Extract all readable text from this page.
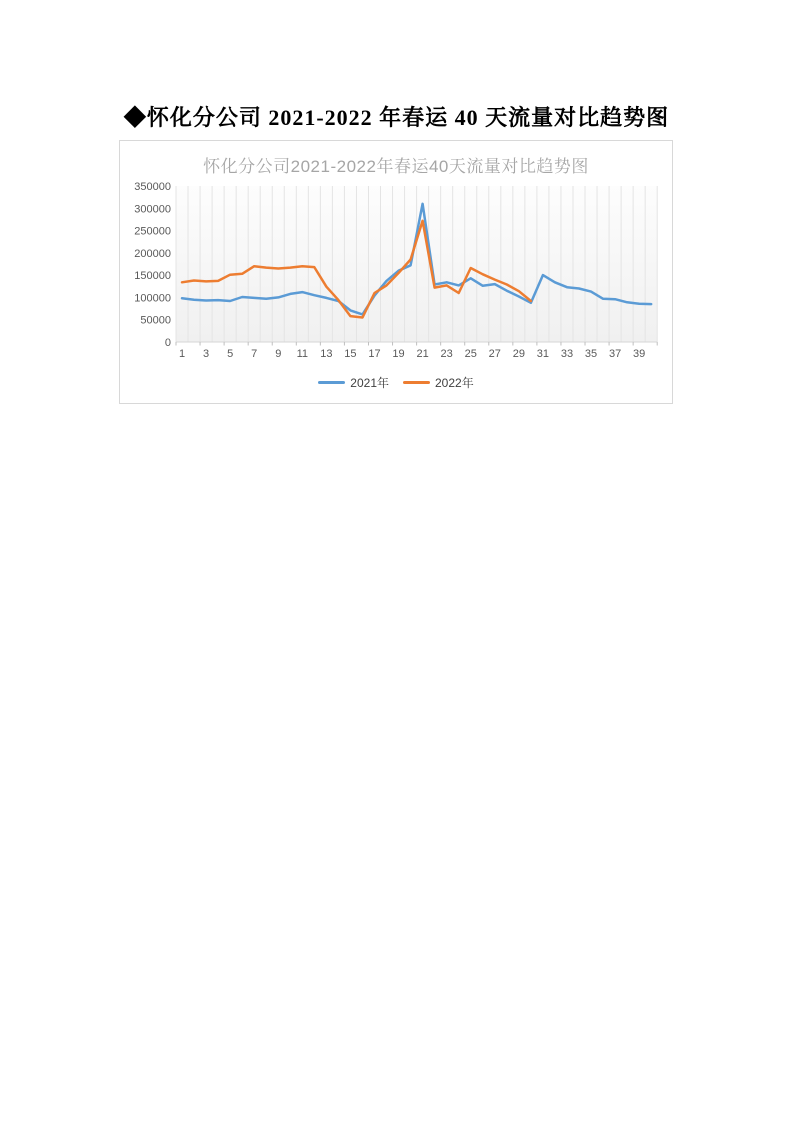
◆怀化分公司 2021-2022 年春运 40 天流量对比趋势图
0
50000
100000
150000
200000
250000
300000
350000
1 3 5 7 9 11 13 15 17 19 21 23 25 27 29 31 33 35 37 39
怀化分公司2021-2022年春运40天流量对比趋势图
2021年	2022年
